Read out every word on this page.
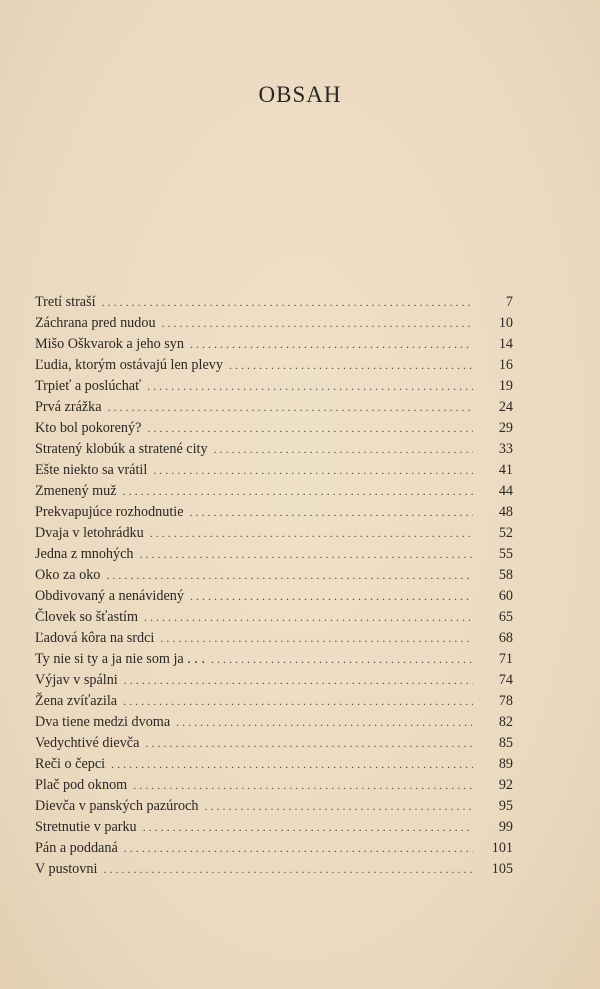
OBSAH
Tretí straší . . .	7
Záchrana pred nudou . . .	10
Mišo Oškvarok a jeho syn . . .	14
Ľudia, ktorým ostávajú len plevy . . .	16
Trpieť a poslúchať . . .	19
Prvá zrážka . . .	24
Kto bol pokorený? . . .	29
Stratený klobúk a stratené city . . .	33
Ešte niekto sa vrátil . . .	41
Zmenený muž . . .	44
Prekvapujúce rozhodnutie . . .	48
Dvaja v letohrádku . . .	52
Jedna z mnohých . . .	55
Oko za oko . . .	58
Obdivovaný a nenávidený . . .	60
Človek so šťastím . . .	65
Ľadová kôra na srdci . . .	68
Ty nie si ty a ja nie som ja . . . . . .	71
Výjav v spálni . . .	74
Žena zvíťazila . . .	78
Dva tiene medzi dvoma . . .	82
Vedychtivé dievča . . .	85
Reči o čepci . . .	89
Plač pod oknom . . .	92
Dievča v panských pazúroch . . .	95
Stretnutie v parku . . .	99
Pán a poddaná . . .	101
V pustovni . . .	105
